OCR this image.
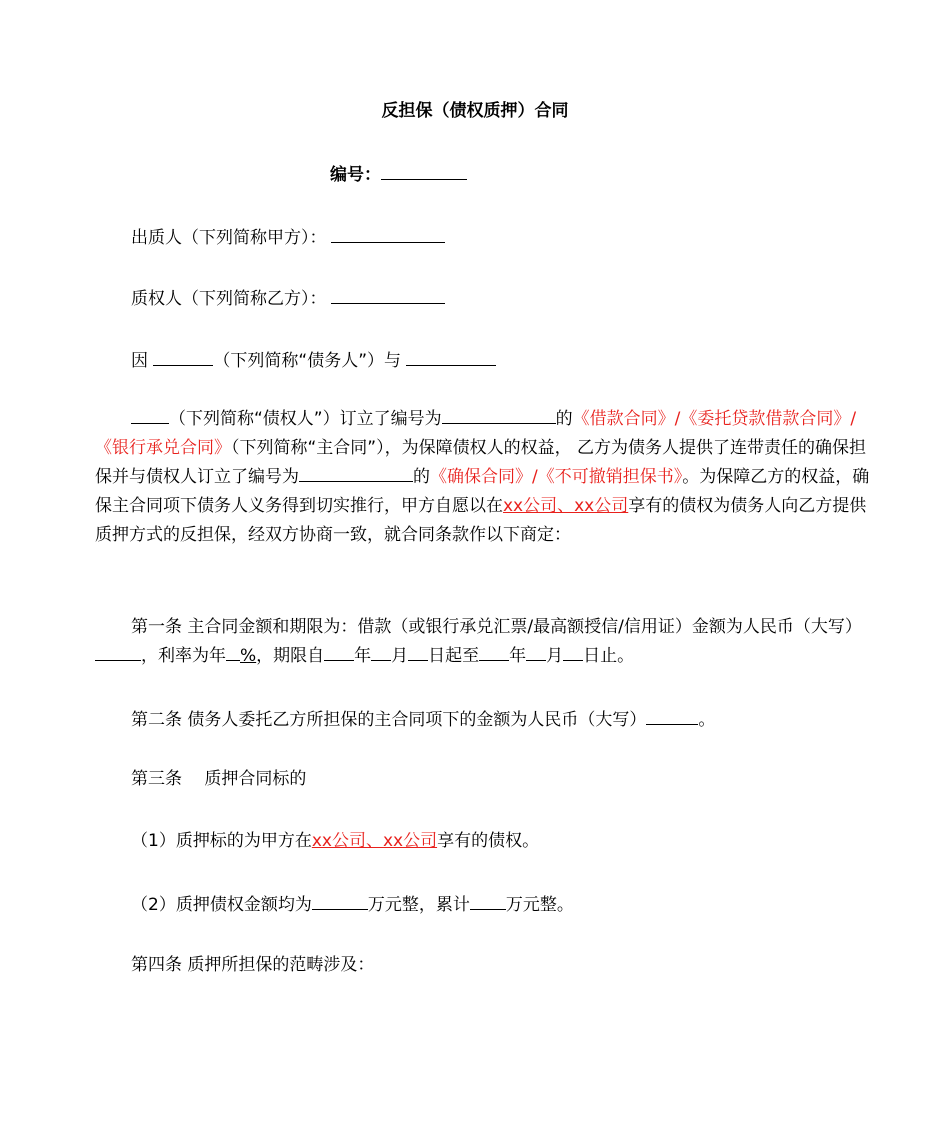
反担保（债权质押）合同
编号：
出质人（下列简称甲方）：
质权人（下列简称乙方）：
因	（下列简称“债务人”）与
（下列简称“债权人”）订立了编号为	的《借款合同》/《委托贷款借款合同》/《银行承兑合同》（下列简称“主合同”），为保障债权人的权益， 乙方为债务人提供了连带责任的确保担保并与债权人订立了编号为	的《确保合同》/《不可撤销担保书》。为保障乙方的权益，确保主合同项下债务人义务得到切实推行，甲方自愿以在xx公司、xx公司享有的债权为债务人向乙方提供质押方式的反担保，经双方协商一致，就合同条款作以下商定：
第一条 主合同金额和期限为：借款（或银行承兑汇票/最高额授信/信用证）金额为人民币（大写），利率为年 %，期限自 年 月 日起至 年 月 日止。
第二条 债务人委托乙方所担保的主合同项下的金额为人民币（大写）	。
第三条 　质押合同标的
（1）质押标的为甲方在xx公司、xx公司享有的债权。
（2）质押债权金额均为	万元整，累计 万元整。
第四条 质押所担保的范畴涉及：
